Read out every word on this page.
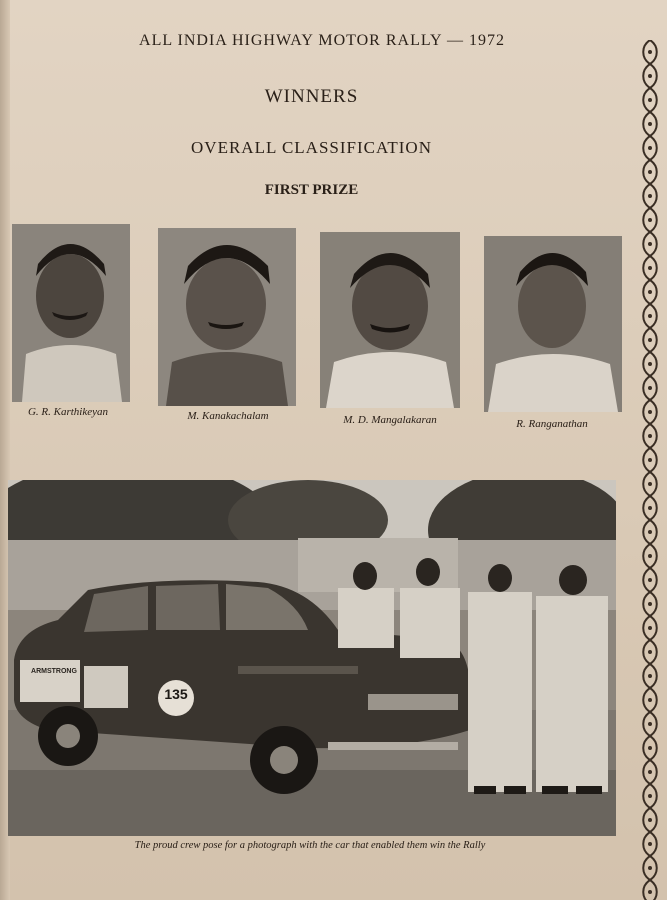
ALL INDIA HIGHWAY MOTOR RALLY — 1972
WINNERS
OVERALL CLASSIFICATION
FIRST PRIZE
G. R. Karthikeyan	M. Kanakachalam	M. D. Mangalakaran	R. Ranganathan
135
ARMSTRONG
The proud crew pose for a photograph with the car that enabled them win the Rally
